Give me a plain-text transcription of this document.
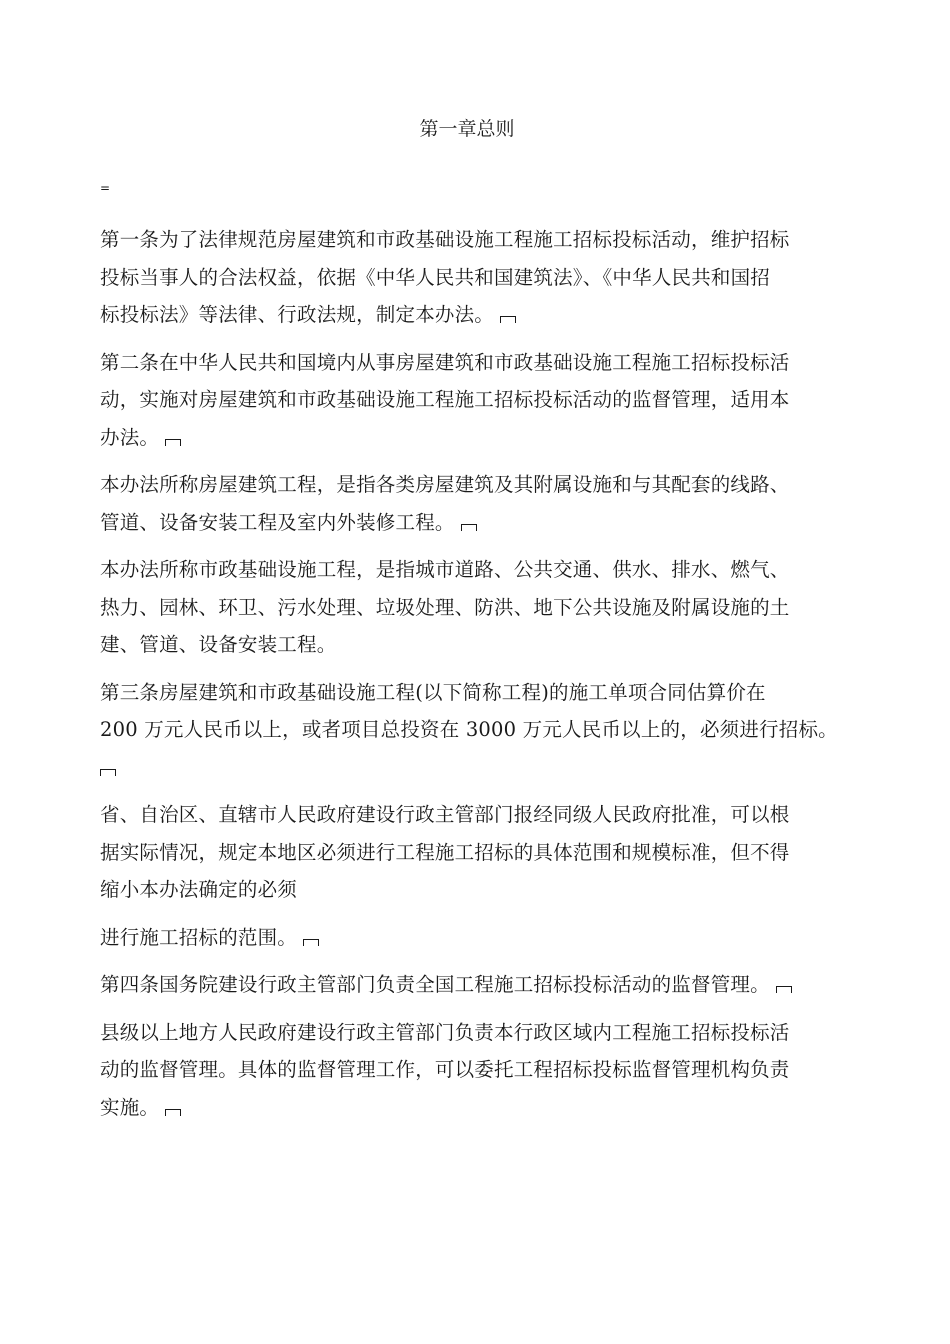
第一章总则
=

第一条为了法律规范房屋建筑和市政基础设施工程施工招标投标活动，维护招标
投标当事人的合法权益，依据《中华人民共和国建筑法》、《中华人民共和国招
标投标法》等法律、行政法规，制定本办法。

第二条在中华人民共和国境内从事房屋建筑和市政基础设施工程施工招标投标活
动，实施对房屋建筑和市政基础设施工程施工招标投标活动的监督管理，适用本
办法。

本办法所称房屋建筑工程，是指各类房屋建筑及其附属设施和与其配套的线路、
管道、设备安装工程及室内外装修工程。

本办法所称市政基础设施工程，是指城市道路、公共交通、供水、排水、燃气、
热力、园林、环卫、污水处理、垃圾处理、防洪、地下公共设施及附属设施的土
建、管道、设备安装工程。

第三条房屋建筑和市政基础设施工程(以下简称工程)的施工单项合同估算价在
200 万元人民币以上，或者项目总投资在 3000 万元人民币以上的，必须进行招标。

省、自治区、直辖市人民政府建设行政主管部门报经同级人民政府批准，可以根
据实际情况，规定本地区必须进行工程施工招标的具体范围和规模标准，但不得
缩小本办法确定的必须

进行施工招标的范围。

第四条国务院建设行政主管部门负责全国工程施工招标投标活动的监督管理。

县级以上地方人民政府建设行政主管部门负责本行政区域内工程施工招标投标活
动的监督管理。具体的监督管理工作，可以委托工程招标投标监督管理机构负责
实施。
